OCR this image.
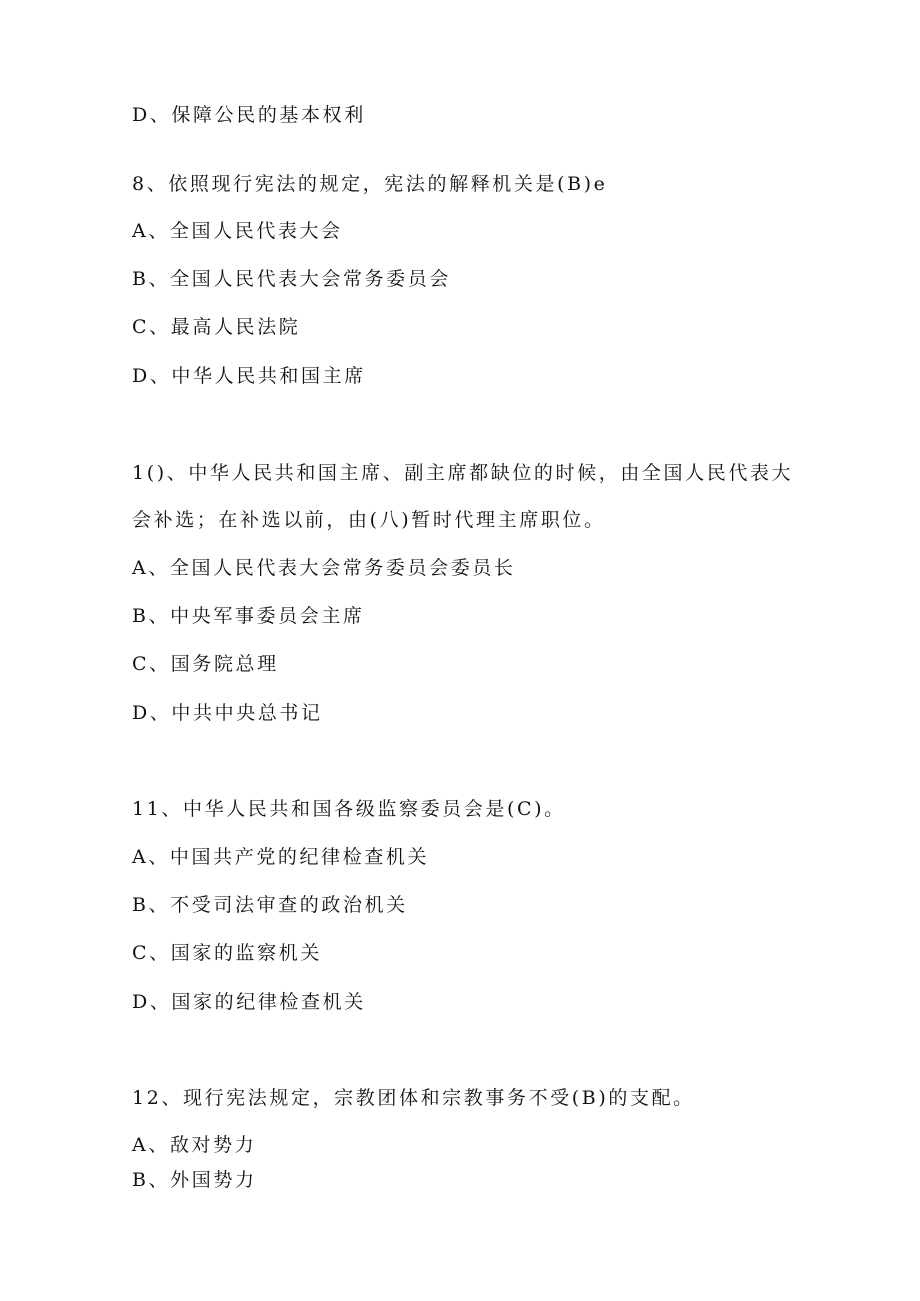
D、保障公民的基本权利

8、依照现行宪法的规定，宪法的解释机关是(B)e

A、全国人民代表大会

B、全国人民代表大会常务委员会

C、最高人民法院

D、中华人民共和国主席

1()、中华人民共和国主席、副主席都缺位的时候，由全国人民代表大

会补选；在补选以前，由(八)暂时代理主席职位。

A、全国人民代表大会常务委员会委员长

B、中央军事委员会主席

C、国务院总理

D、中共中央总书记

11、中华人民共和国各级监察委员会是(C)。

A、中国共产党的纪律检查机关

B、不受司法审查的政治机关

C、国家的监察机关

D、国家的纪律检查机关

12、现行宪法规定，宗教团体和宗教事务不受(B)的支配。

A、敌对势力

B、外国势力
